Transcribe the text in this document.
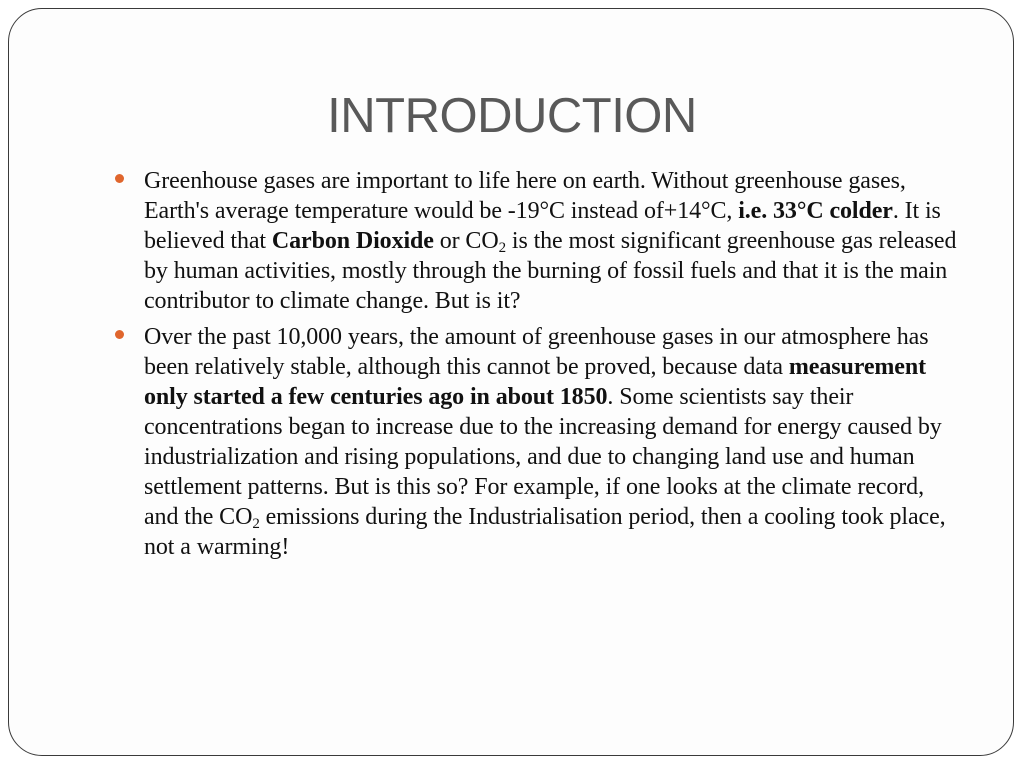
INTRODUCTION
Greenhouse gases are important to life here on earth. Without greenhouse gases, Earth's average temperature would be -19°C instead of+14°C, i.e. 33°C colder. It is believed that Carbon Dioxide or $CO_2$ is the most significant greenhouse gas released by human activities, mostly through the burning of fossil fuels and that it is the main contributor to climate change. But is it?
Over the past 10,000 years, the amount of greenhouse gases in our atmosphere has been relatively stable, although this cannot be proved, because data measurement only started a few centuries ago in about 1850. Some scientists say their concentrations began to increase due to the increasing demand for energy caused by industrialization and rising populations, and due to changing land use and human settlement patterns. But is this so? For example, if one looks at the climate record, and the $CO_2$ emissions during the Industrialisation period, then a cooling took place, not a warming!
